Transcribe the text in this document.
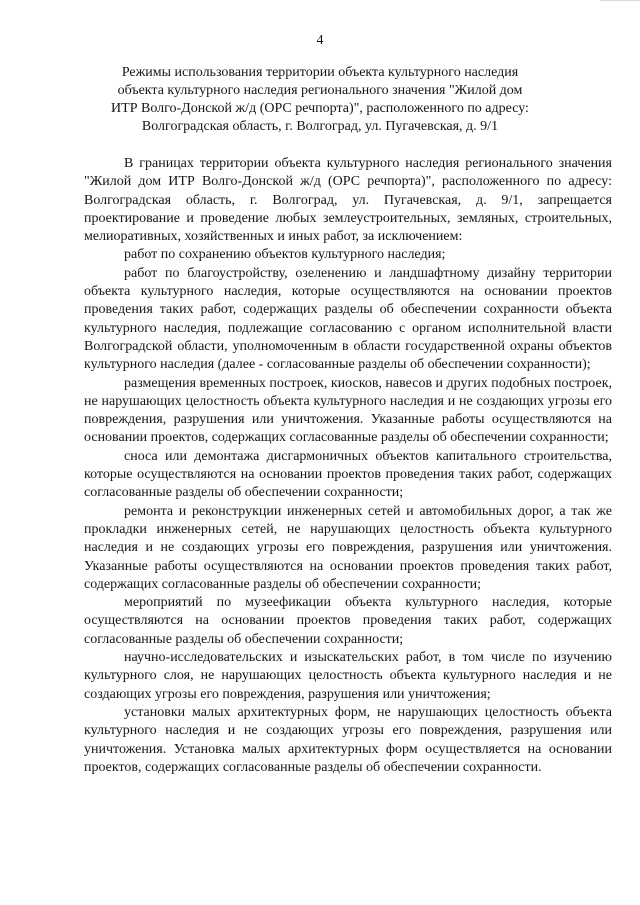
4
Режимы использования территории объекта культурного наследия объекта культурного наследия регионального значения "Жилой дом ИТР Волго-Донской ж/д (ОРС речпорта)", расположенного по адресу: Волгоградская область, г. Волгоград, ул. Пугачевская, д. 9/1

В границах территории объекта культурного наследия регионального значения "Жилой дом ИТР Волго-Донской ж/д (ОРС речпорта)", расположенного по адресу: Волгоградская область, г. Волгоград, ул. Пугачевская, д. 9/1, запрещается проектирование и проведение любых землеустроительных, земляных, строительных, мелиоративных, хозяйственных и иных работ, за исключением:

работ по сохранению объектов культурного наследия;

работ по благоустройству, озеленению и ландшафтному дизайну территории объекта культурного наследия, которые осуществляются на основании проектов проведения таких работ, содержащих разделы об обеспечении сохранности объекта культурного наследия, подлежащие согласованию с органом исполнительной власти Волгоградской области, уполномоченным в области государственной охраны объектов культурного наследия (далее - согласованные разделы об обеспечении сохранности);

размещения временных построек, киосков, навесов и других подобных построек, не нарушающих целостность объекта культурного наследия и не создающих угрозы его повреждения, разрушения или уничтожения. Указанные работы осуществляются на основании проектов, содержащих согласованные разделы об обеспечении сохранности;

сноса или демонтажа дисгармоничных объектов капитального строительства, которые осуществляются на основании проектов проведения таких работ, содержащих согласованные разделы об обеспечении сохранности;

ремонта и реконструкции инженерных сетей и автомобильных дорог, а так же прокладки инженерных сетей, не нарушающих целостность объекта культурного наследия и не создающих угрозы его повреждения, разрушения или уничтожения. Указанные работы осуществляются на основании проектов проведения таких работ, содержащих согласованные разделы об обеспечении сохранности;

мероприятий по музеефикации объекта культурного наследия, которые осуществляются на основании проектов проведения таких работ, содержащих согласованные разделы об обеспечении сохранности;

научно-исследовательских и изыскательских работ, в том числе по изучению культурного слоя, не нарушающих целостность объекта культурного наследия и не создающих угрозы его повреждения, разрушения или уничтожения;

установки малых архитектурных форм, не нарушающих целостность объекта культурного наследия и не создающих угрозы его повреждения, разрушения или уничтожения. Установка малых архитектурных форм осуществляется на основании проектов, содержащих согласованные разделы об обеспечении сохранности.
